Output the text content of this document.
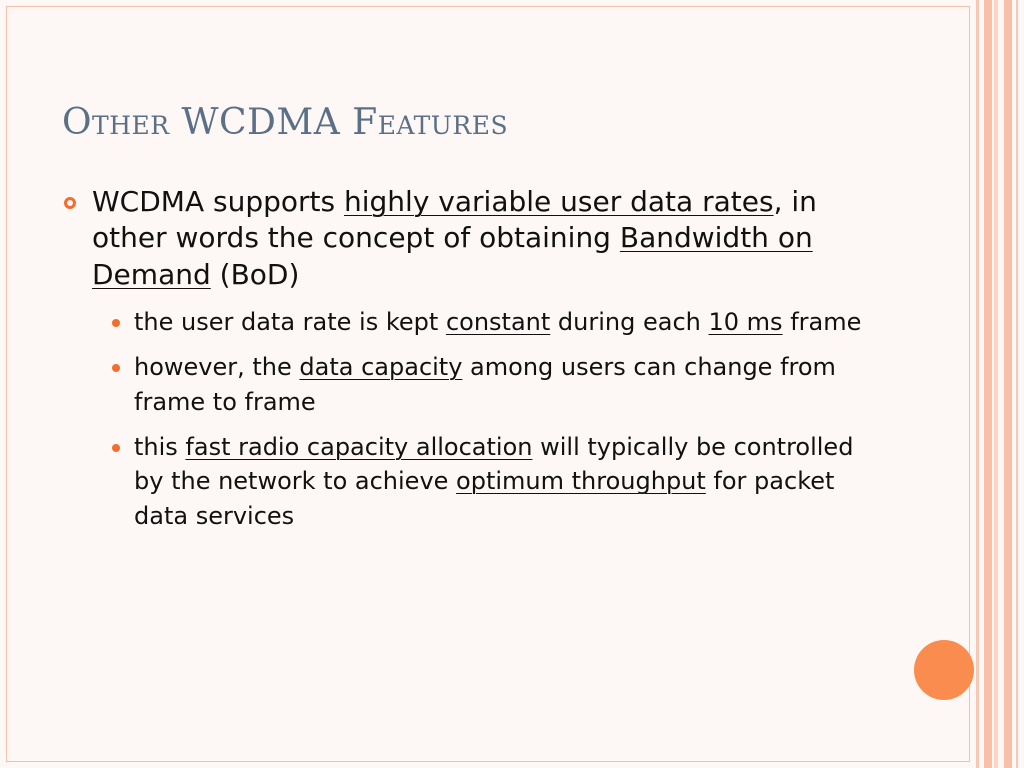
Other WCDMA Features
WCDMA supports highly variable user data rates, in other words the concept of obtaining Bandwidth on Demand (BoD)
the user data rate is kept constant during each 10 ms frame
however, the data capacity among users can change from frame to frame
this fast radio capacity allocation will typically be controlled by the network to achieve optimum throughput for packet data services
